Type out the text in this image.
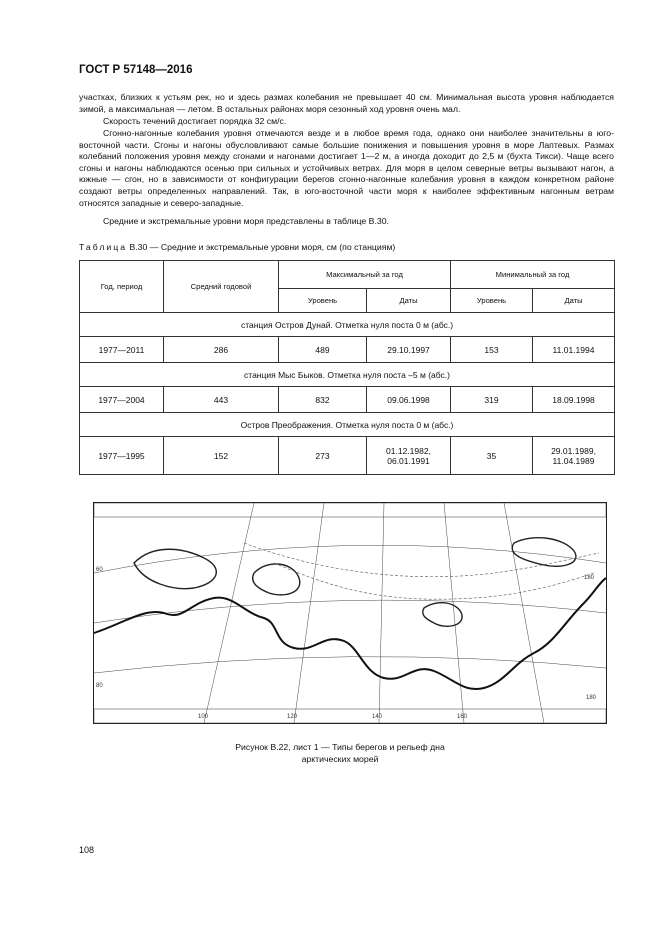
ГОСТ Р 57148—2016

участках, близких к устьям рек, но и здесь размах колебания не превышает 40 см. Минимальная высота уровня наблюдается зимой, а максимальная — летом. В остальных районах моря сезонный ход уровня очень мал.

Скорость течений достигает порядка 32 см/с.

Сгонно-нагонные колебания уровня отмечаются везде и в любое время года, однако они наиболее значительны в юго-восточной части. Сгоны и нагоны обусловливают самые большие понижения и повышения уровня в море Лаптевых. Размах колебаний положения уровня между сгонами и нагонами достигает 1—2 м, а иногда доходит до 2,5 м (бухта Тикси). Чаще всего сгоны и нагоны наблюдаются осенью при сильных и устойчивых ветрах. Для моря в целом северные ветры вызывают нагон, а южные — сгон, но в зависимости от конфигурации берегов сгонно-нагонные колебания уровня в каждом конкретном районе создают ветры определенных направлений. Так, в юго-восточной части моря к наиболее эффективным нагонным ветрам относятся западные и северо-западные.

Средние и экстремальные уровни моря представлены в таблице В.30.

Таблица В.30 — Средние и экстремальные уровни моря, см (по станциям)
Год, период	Средний годовой	Максимальный за год		Минимальный за год	
		Уровень	Даты	Уровень	Даты
станция Остров Дунай. Отметка нуля поста 0 м (абс.)					
1977—2011	286	489	29.10.1997	153	11.01.1994
станция Мыс Быков. Отметка нуля поста –5 м (абс.)					
1977—2004	443	832	09.06.1998	319	18.09.1998
Остров Преображения. Отметка нуля поста 0 м (абс.)					
1977—1995	152	273	01.12.1982, 06.01.1991	35	29.01.1989, 11.04.1989
60
80
100	120	140	160
180
180
Рисунок В.22, лист 1 — Типы берегов и рельеф дна
арктических морей
108
